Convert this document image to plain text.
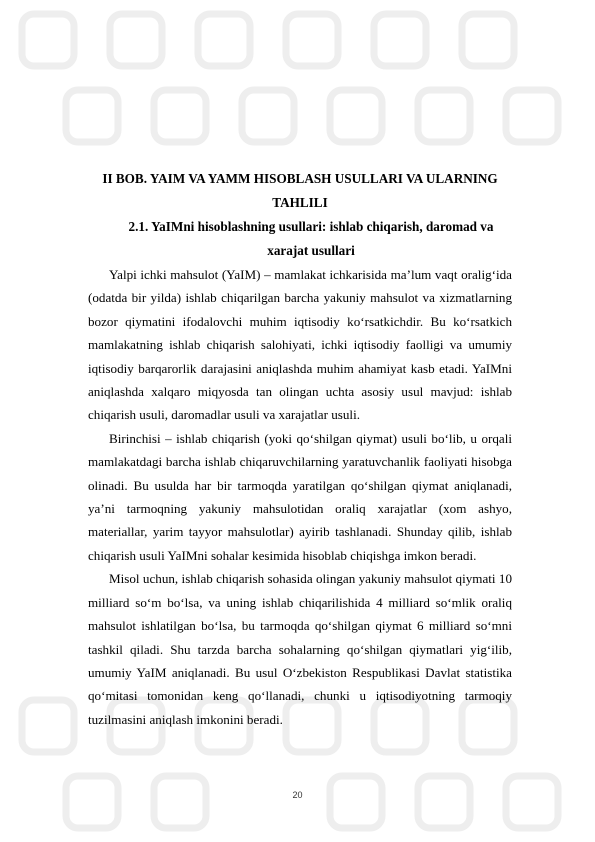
II BOB. YAIM VA YAMM HISOBLASH USULLARI VA ULARNING TAHLILI
2.1. YaIMni hisoblashning usullari: ishlab chiqarish, daromad va xarajat usullari

Yalpi ichki mahsulot (YaIM) – mamlakat ichkarisida ma’lum vaqt oralig‘ida (odatda bir yilda) ishlab chiqarilgan barcha yakuniy mahsulot va xizmatlarning bozor qiymatini ifodalovchi muhim iqtisodiy ko‘rsatkichdir. Bu ko‘rsatkich mamlakatning ishlab chiqarish salohiyati, ichki iqtisodiy faolligi va umumiy iqtisodiy barqarorlik darajasini aniqlashda muhim ahamiyat kasb etadi. YaIMni aniqlashda xalqaro miqyosda tan olingan uchta asosiy usul mavjud: ishlab chiqarish usuli, daromadlar usuli va xarajatlar usuli.

Birinchisi – ishlab chiqarish (yoki qo‘shilgan qiymat) usuli bo‘lib, u orqali mamlakatdagi barcha ishlab chiqaruvchilarning yaratuvchanlik faoliyati hisobga olinadi. Bu usulda har bir tarmoqda yaratilgan qo‘shilgan qiymat aniqlanadi, ya’ni tarmoqning yakuniy mahsulotidan oraliq xarajatlar (xom ashyo, materiallar, yarim tayyor mahsulotlar) ayirib tashlanadi. Shunday qilib, ishlab chiqarish usuli YaIMni sohalar kesimida hisoblab chiqishga imkon beradi.

Misol uchun, ishlab chiqarish sohasida olingan yakuniy mahsulot qiymati 10 milliard so‘m bo‘lsa, va uning ishlab chiqarilishida 4 milliard so‘mlik oraliq mahsulot ishlatilgan bo‘lsa, bu tarmoqda qo‘shilgan qiymat 6 milliard so‘mni tashkil qiladi. Shu tarzda barcha sohalarning qo‘shilgan qiymatlari yig‘ilib, umumiy YaIM aniqlanadi. Bu usul O‘zbekiston Respublikasi Davlat statistika qo‘mitasi tomonidan keng qo‘llanadi, chunki u iqtisodiyotning tarmoqiy tuzilmasini aniqlash imkonini beradi.

20
